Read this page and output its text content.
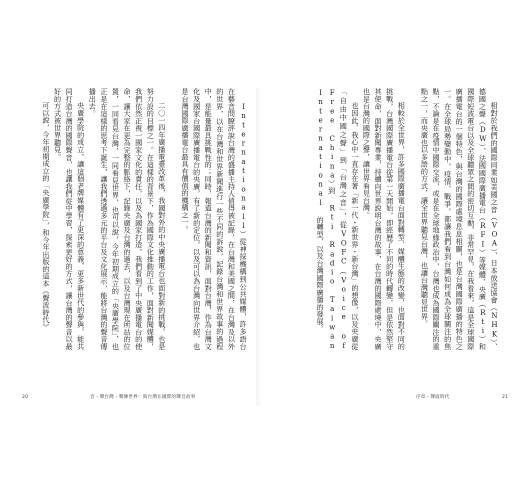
Internationall）從神採機構到公共媒體，許多語台在藝音問瞭評說台灣的盛播主持人值得被記錄，在台灣和美國之間，在台灣及以外的世界，以在台灣和世界新聞進行一些不同的訴說，記錄台灣和世界故事的過程中，是能量最具挑戰性的；同時，報道台灣的新聞和資訊，面對台灣，作為台灣文化及國家台國際廣播電台的央廣，有了新的定位，以及可以為台灣向世界介紹，也是台灣國際廣播電台最具有價值的機構之一。

二〇一四年廣播電臺改革後，我國對外的中央廣播電台也面對新的挑戰，也是努力設的目標之一。在這樣的背景下，作為國際文化推動的工作，面對新聞媒體，我們依然正視一國家文化的責任，以及為國家打造，我們看到了中央廣播電台的使命，讓大家在更為完整的脈絡下，記錄央廣及台灣的過去，以及台灣現在所站的位置，一同看見台灣，一同看見世界，也可以說，今年初期成立的「央廣學院」，也正是在這樣的思考下誕生，讓我們透過多元的平台及文化展示，能將台灣的聲音傳播出去。

央廣學院的成立，讓這個老牌媒體有了更深的意義，更多新世代的參與，能共同打造台灣的國際聲音，也讓我們從中學習，探索更好的方式，讓台灣的聲音以最好的方式被世界聽見。

可以說，今年初期成立的「央廣學院」，和今年出版的這本《聲波時代》

20	音・聲台灣・聲傳世界：與台灣在國際的聲音故事

相對於我們的國際同業如美國之音（VOA）、日本放送協會（NHK）、德國之聲（DW）、法國國際廣播電台（RFI）等媒體，央廣（Rti）和國際短波電台以及全球聽眾之間的密切互動，非常罕見，在我看來，這是全球國際廣播電台的一個特色，與台灣的國際處境息息相關，也是台灣國際廣播的特色之一。在全球局勢變動中，疫情、戰爭，都讓我們看到台灣如何成為全球關注的焦點，不論是在疫情中國際交流，或是在全球地緣政治中，台灣也成為國際關注的重點之一，而央廣也以多語的方式，讓全世界聽見台灣，也讓台灣聽見世界。

相較於全世界，許多國際廣播電台面對轉型、媒體生態的改變，也面對不同的挑戰，台灣國際廣播電台從第一天開始，即經歷了不同的時代轉變，但是依然堅守其使命，面對新聞專業，持續向世界說明台灣的故事，在台灣的國際處境中，央廣也是台灣的國際之聲，讓世界看見台灣。

也因此，我心中一直存在著「新一代・新世界・新台灣」的想像，以及央廣從「自由中國之聲」到「台灣之音」，從VOFC（Voice of Free China）到 Rti Radio Taiwan International 的轉型，以及台灣國際廣播的發展。

序章・聲波時代	21
